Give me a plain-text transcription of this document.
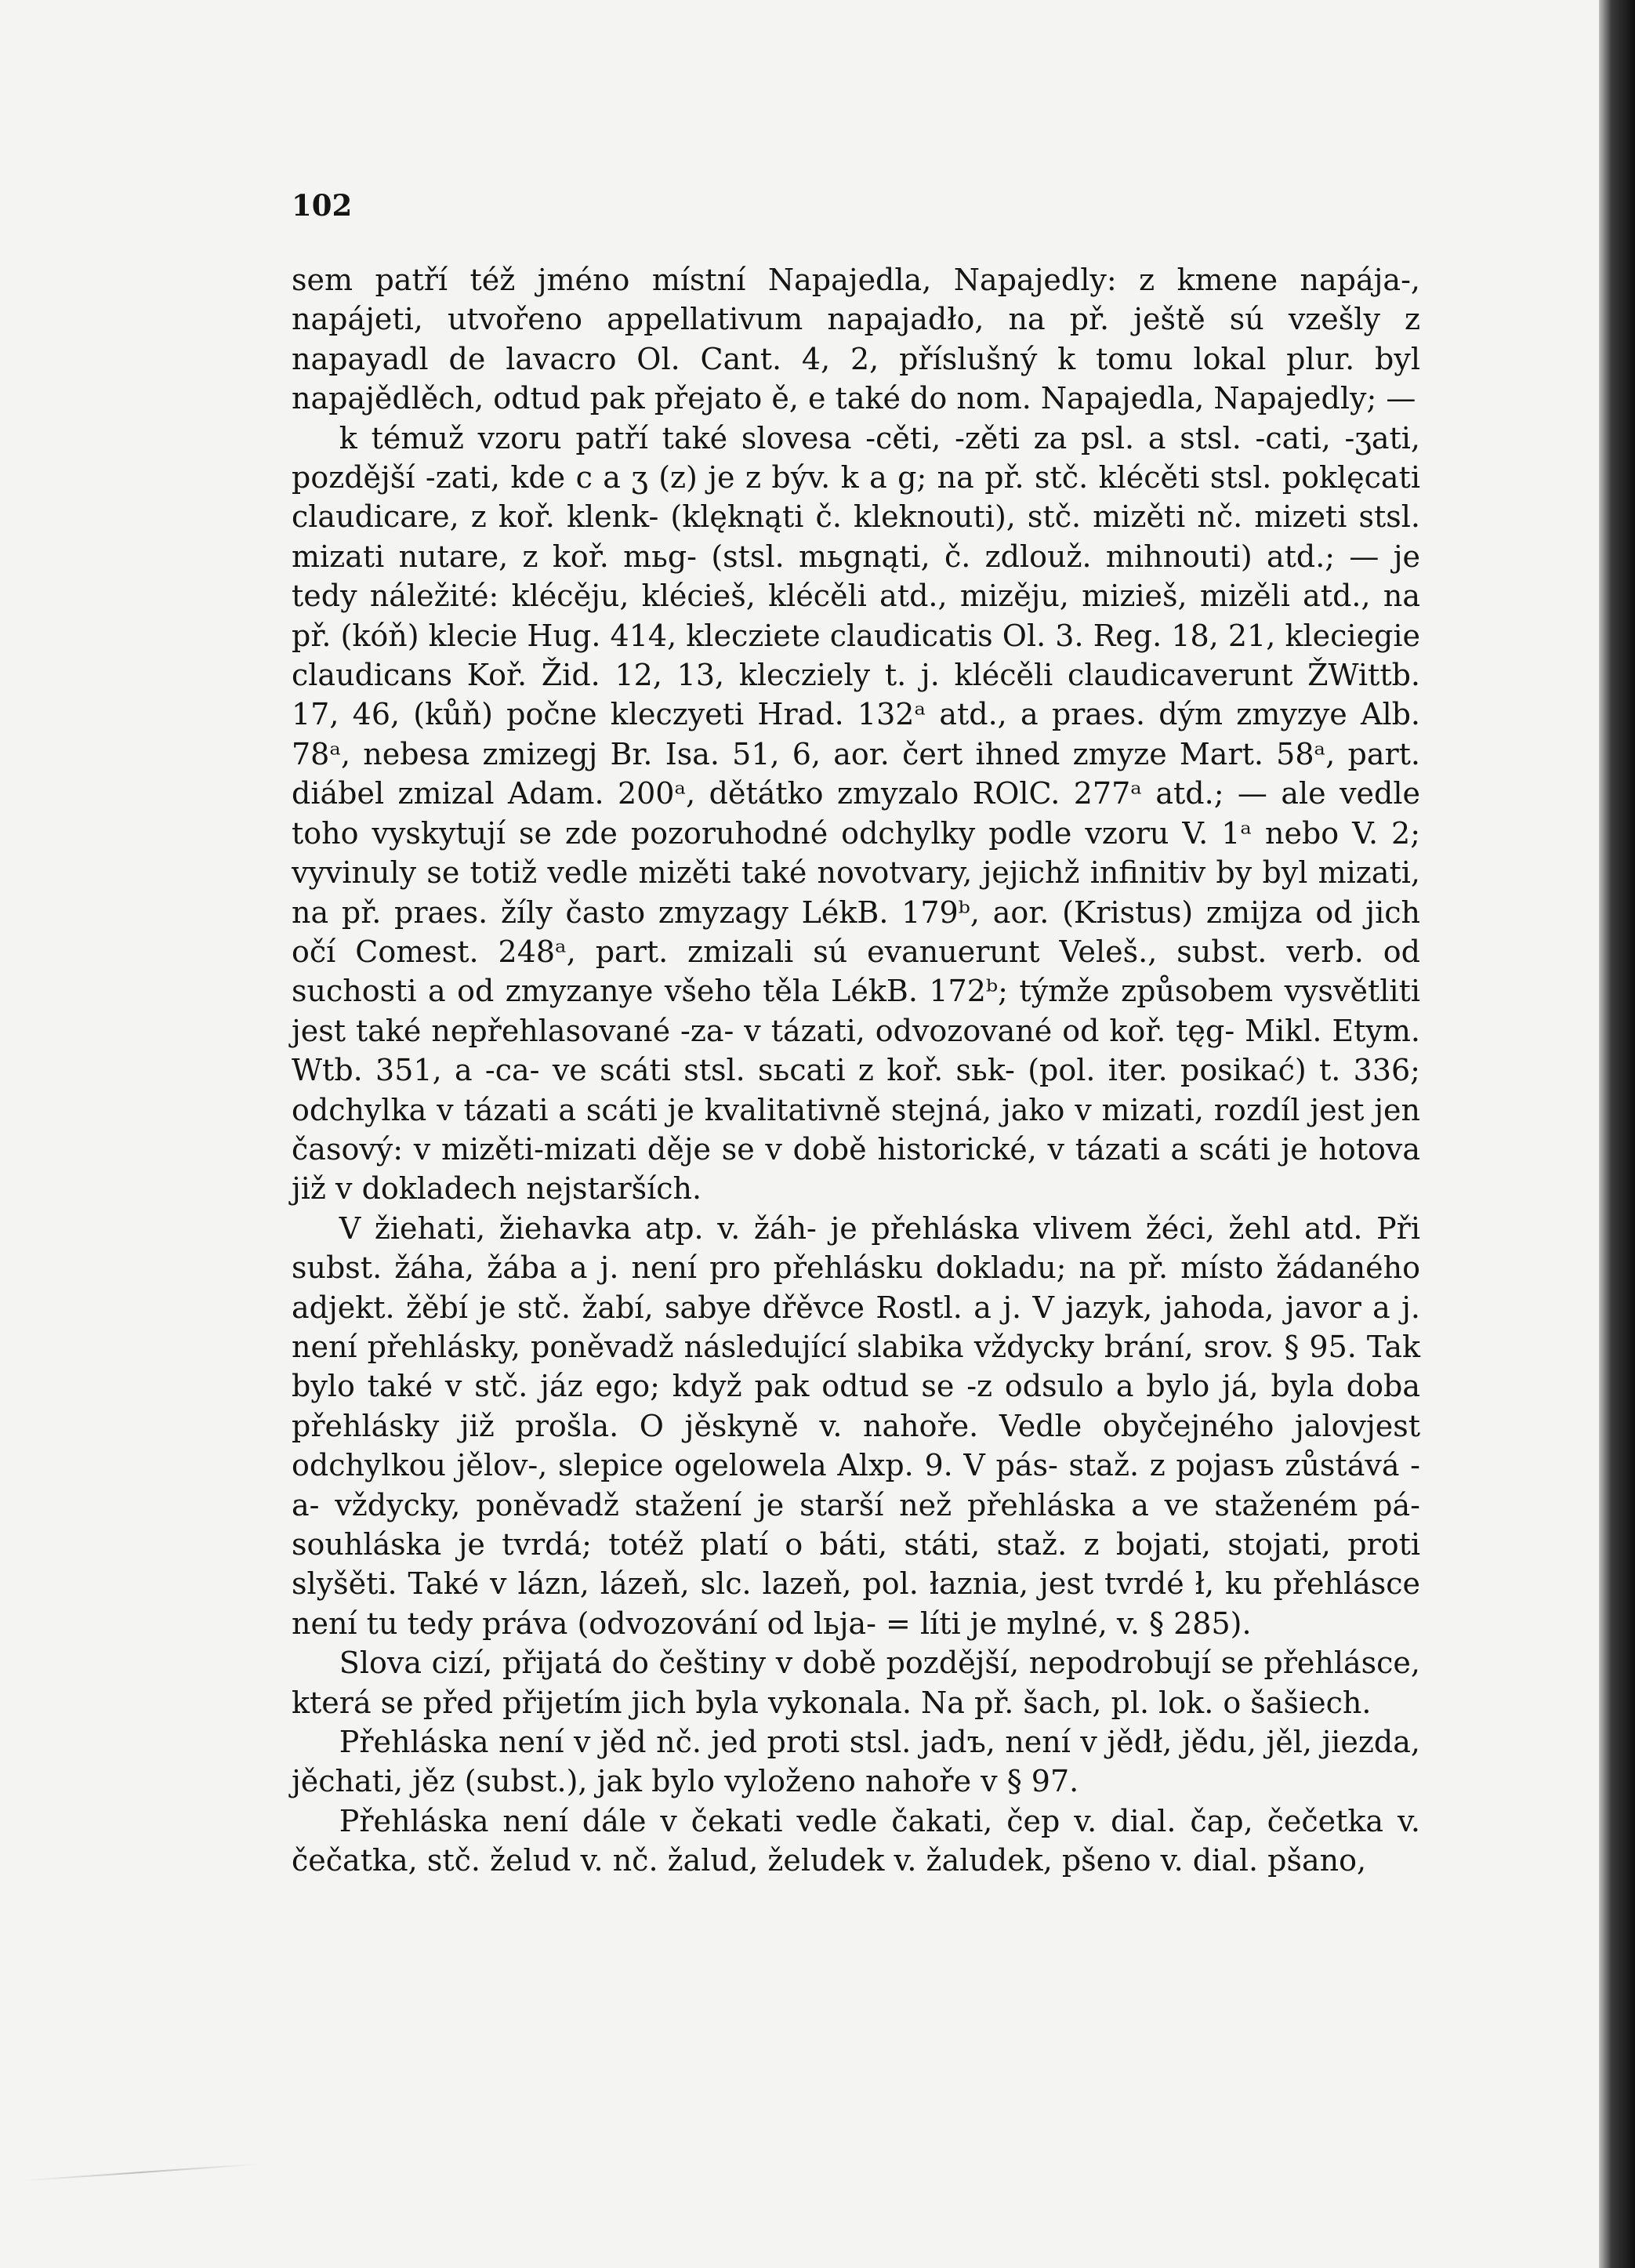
102

sem patří též jméno místní Napajedla, Napajedly: z kmene napája-, napájeti, utvořeno appellativum napajadło, na př. ještě sú vzešly z napayadl de lavacro Ol. Cant. 4, 2, příslušný k tomu lokal plur. byl napajědlěch, odtud pak přejato ě, e také do nom. Napajedla, Napajedly; —

k témuž vzoru patří také slovesa -cěti, -zěti za psl. a stsl. -cati, -ʒati, pozdější -zati, kde c a ʒ (z) je z býv. k a g; na př. stč. klécěti stsl. poklęcati claudicare, z koř. klenk- (klęknąti č. kleknouti), stč. mizěti nč. mizeti stsl. mizati nutare, z koř. mьg- (stsl. mьgnąti, č. zdlouž. mihnouti) atd.; — je tedy náležité: klécěju, klécieš, klécěli atd., mizěju, mizieš, mizěli atd., na př. (kóň) klecie Hug. 414, klecziete claudicatis Ol. 3. Reg. 18, 21, kleciegie claudicans Koř. Žid. 12, 13, klecziely t. j. klécěli claudicaverunt ŽWittb. 17, 46, (kůň) počne kleczyeti Hrad. 132ᵃ atd., a praes. dým zmyzye Alb. 78ᵃ, nebesa zmizegj Br. Isa. 51, 6, aor. čert ihned zmyze Mart. 58ᵃ, part. diábel zmizal Adam. 200ᵃ, dětátko zmyzalo ROlC. 277ᵃ atd.; — ale vedle toho vyskytují se zde pozoruhodné odchylky podle vzoru V. 1ᵃ nebo V. 2; vyvinuly se totiž vedle mizěti také novotvary, jejichž infinitiv by byl mizati, na př. praes. žíly často zmyzagy LékB. 179ᵇ, aor. (Kristus) zmijza od jich očí Comest. 248ᵃ, part. zmizali sú evanuerunt Veleš., subst. verb. od suchosti a od zmyzanye všeho těla LékB. 172ᵇ; týmže způsobem vysvětliti jest také nepřehlasované -za- v tázati, odvozované od koř. tęg- Mikl. Etym. Wtb. 351, a -ca- ve scáti stsl. sьcati z koř. sьk- (pol. iter. posikać) t. 336; odchylka v tázati a scáti je kvalitativně stejná, jako v mizati, rozdíl jest jen časový: v mizěti-mizati děje se v době historické, v tázati a scáti je hotova již v dokladech nejstarších.

V žiehati, žiehavka atp. v. žáh- je přehláska vlivem žéci, žehl atd. Při subst. žáha, žába a j. není pro přehlásku dokladu; na př. místo žádaného adjekt. žěbí je stč. žabí, sabye dřěvce Rostl. a j. V jazyk, jahoda, javor a j. není přehlásky, poněvadž následující slabika vždycky brání, srov. § 95. Tak bylo také v stč. jáz ego; když pak odtud se -z odsulo a bylo já, byla doba přehlásky již prošla. O jěskyně v. nahoře. Vedle obyčejného jalovjest odchylkou jělov-, slepice ogelowela Alxp. 9. V pás- staž. z pojasъ zůstává -a- vždycky, poněvadž stažení je starší než přehláska a ve staženém pá- souhláska je tvrdá; totéž platí o báti, státi, staž. z bojati, stojati, proti slyšěti. Také v lázn, lázeň, slc. lazeň, pol. łaznia, jest tvrdé ł, ku přehlásce není tu tedy práva (odvozování od lьja- = líti je mylné, v. § 285).

Slova cizí, přijatá do češtiny v době pozdější, nepodrobují se přehlásce, která se před přijetím jich byla vykonala. Na př. šach, pl. lok. o šašiech.

Přehláska není v jěd nč. jed proti stsl. jadъ, není v jědł, jědu, jěl, jiezda, jěchati, jěz (subst.), jak bylo vyloženo nahoře v § 97.

Přehláska není dále v čekati vedle čakati, čep v. dial. čap, čečetka v. čečatka, stč. želud v. nč. žalud, želudek v. žaludek, pšeno v. dial. pšano,
